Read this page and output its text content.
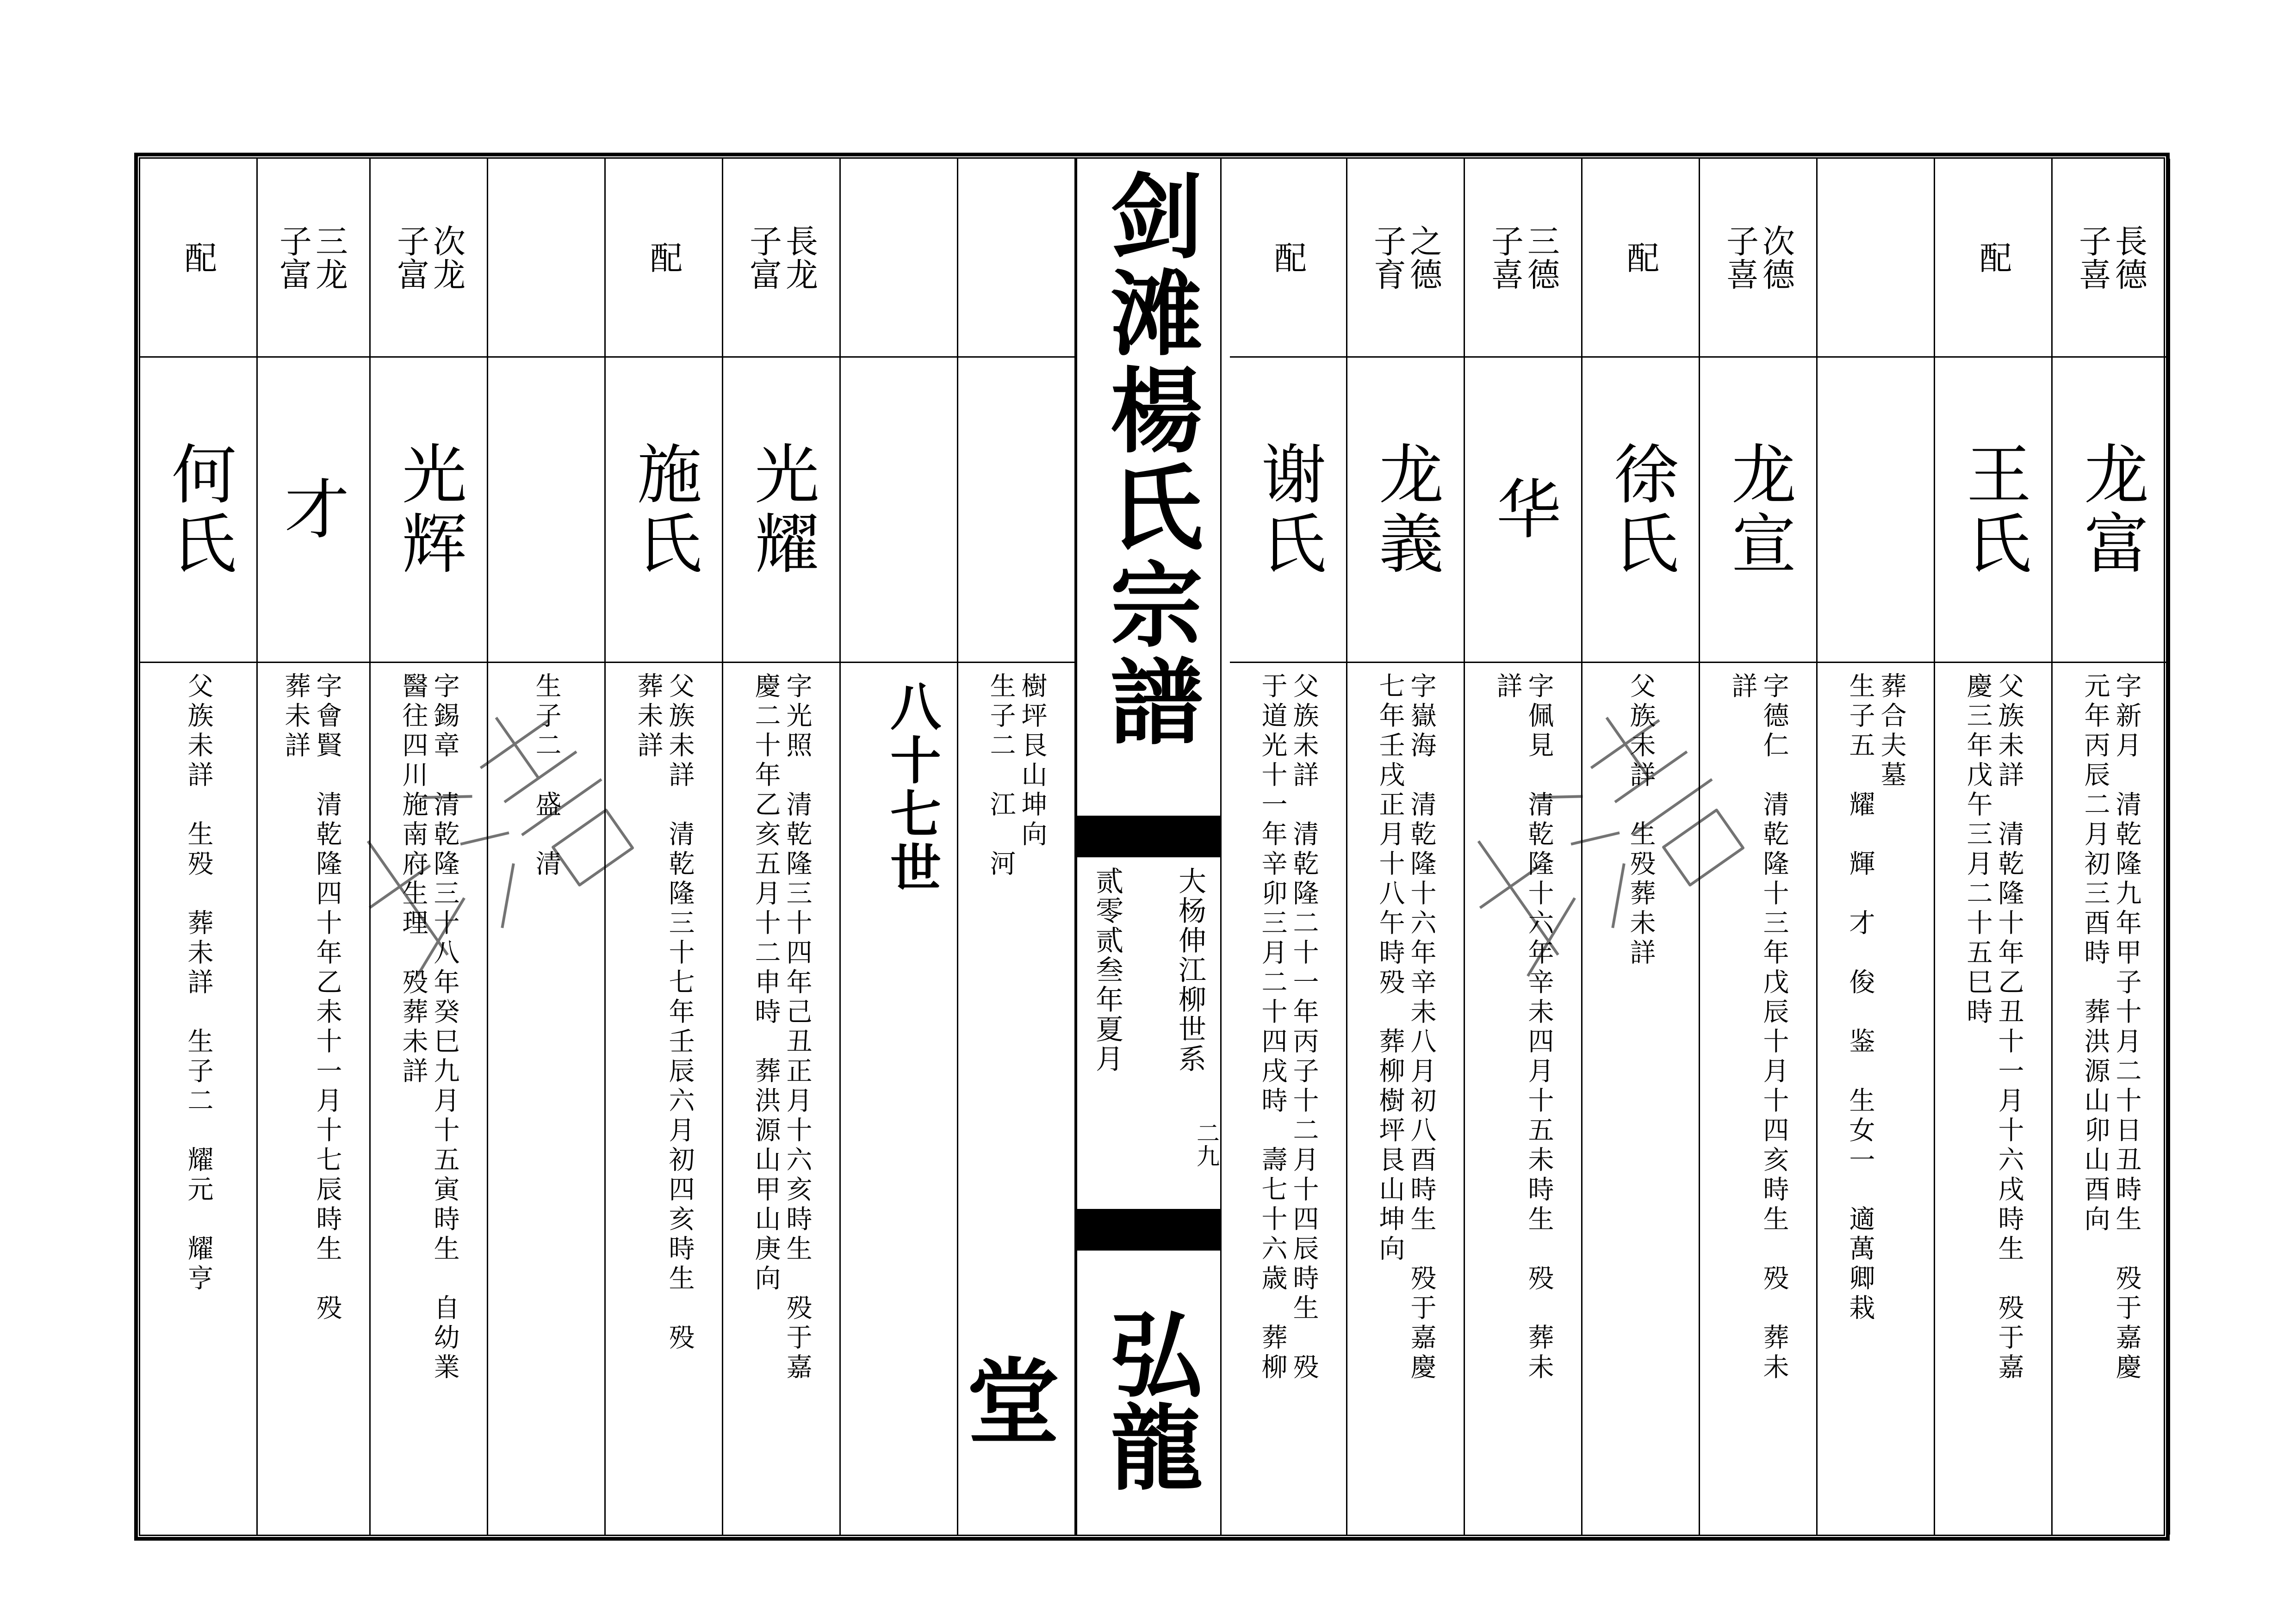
長德
子喜
龙富
字新月　清乾隆九年甲子十月二十日丑時生　殁于嘉慶
元年丙辰二月初三酉時　葬洪源山卯山酉向
配
王氏
父族未詳　清乾隆十年乙丑十一月十六戌時生　殁于嘉
慶三年戊午三月二十五巳時
葬合夫墓
生子五　耀　輝　才　俊　鉴　生女一　適萬卿栽
次德
子喜
龙宣
字德仁　清乾隆十三年戊辰十月十四亥時生　殁　葬未
詳
配
徐氏
父族未詳　生殁葬未詳
三德
子喜
华
字佩見　清乾隆十六年辛未四月十五未時生　殁　葬未
詳
之德
子育
龙義
字嶽海　清乾隆十六年辛未八月初八酉時生　殁于嘉慶
七年壬戌正月十八午時殁　葬柳樹坪艮山坤向
配
谢氏
父族未詳　清乾隆二十一年丙子十二月十四辰時生　殁
于道光十一年辛卯三月二十四戌時　壽七十六歳　葬柳
樹坪艮山坤向
生子二　江　河
長龙
子富
光耀
字光照　清乾隆三十四年己丑正月十六亥時生　殁于嘉
慶二十年乙亥五月十二申時　葬洪源山甲山庚向
配
施氏
父族未詳　清乾隆三十七年壬辰六月初四亥時生　殁
葬未詳
生子二　盛　清
次龙
子富
光辉
字錫章　清乾隆三十八年癸巳九月十五寅時生　自幼業
醫往四川施南府生理　殁葬未詳
三龙
子富
才
字會賢　清乾隆四十年乙未十一月十七辰時生　殁
葬未詳
配
何氏
父族未詳　生殁　葬未詳　生子二　耀元　耀亨
剑滩楊氏宗譜
大杨伸江柳世系
贰零贰叁年夏月
二九
弘龍堂
八十七世
